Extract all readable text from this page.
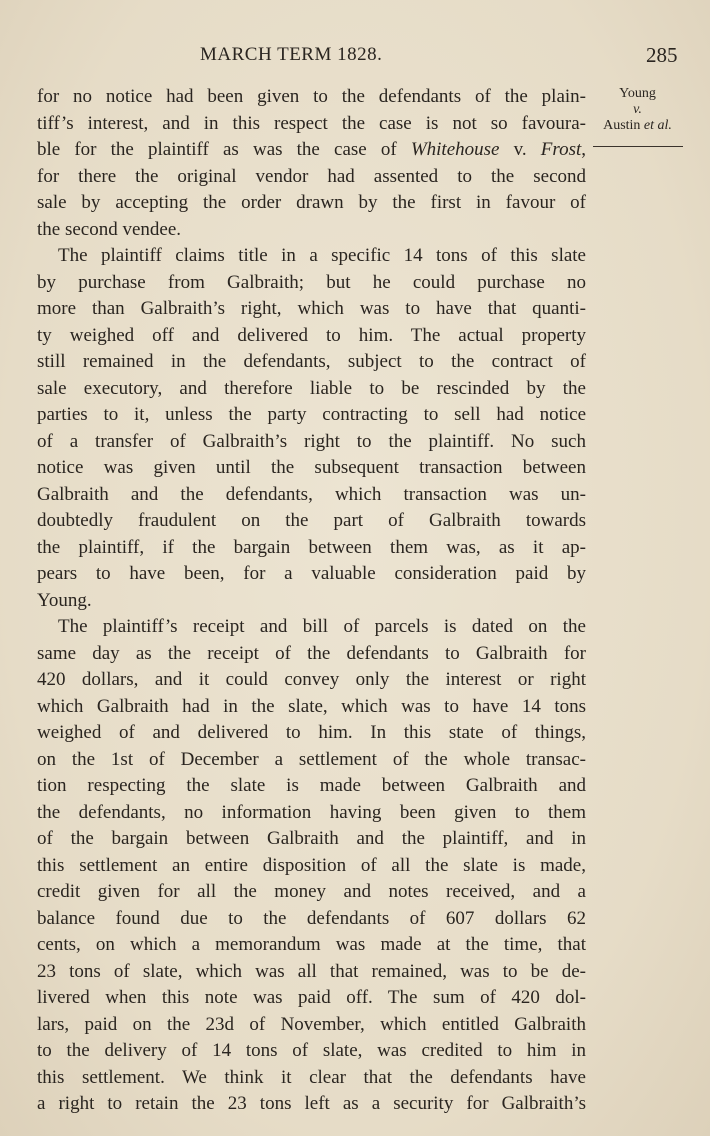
MARCH TERM 1828.	285
Young
v.
Austin et al.
for no notice had been given to the defendants of the plain-
tiff’s interest, and in this respect the case is not so favoura-
ble for the plaintiff as was the case of Whitehouse v. Frost,
for there the original vendor had assented to the second
sale by accepting the order drawn by the first in favour of
the second vendee.
The plaintiff claims title in a specific 14 tons of this slate
by purchase from Galbraith; but he could purchase no
more than Galbraith’s right, which was to have that quanti-
ty weighed off and delivered to him. The actual property
still remained in the defendants, subject to the contract of
sale executory, and therefore liable to be rescinded by the
parties to it, unless the party contracting to sell had notice
of a transfer of Galbraith’s right to the plaintiff. No such
notice was given until the subsequent transaction between
Galbraith and the defendants, which transaction was un-
doubtedly fraudulent on the part of Galbraith towards
the plaintiff, if the bargain between them was, as it ap-
pears to have been, for a valuable consideration paid by
Young.
The plaintiff’s receipt and bill of parcels is dated on the
same day as the receipt of the defendants to Galbraith for
420 dollars, and it could convey only the interest or right
which Galbraith had in the slate, which was to have 14 tons
weighed of and delivered to him. In this state of things,
on the 1st of December a settlement of the whole transac-
tion respecting the slate is made between Galbraith and
the defendants, no information having been given to them
of the bargain between Galbraith and the plaintiff, and in
this settlement an entire disposition of all the slate is made,
credit given for all the money and notes received, and a
balance found due to the defendants of 607 dollars 62
cents, on which a memorandum was made at the time, that
23 tons of slate, which was all that remained, was to be de-
livered when this note was paid off. The sum of 420 dol-
lars, paid on the 23d of November, which entitled Galbraith
to the delivery of 14 tons of slate, was credited to him in
this settlement. We think it clear that the defendants have
a right to retain the 23 tons left as a security for Galbraith’s
